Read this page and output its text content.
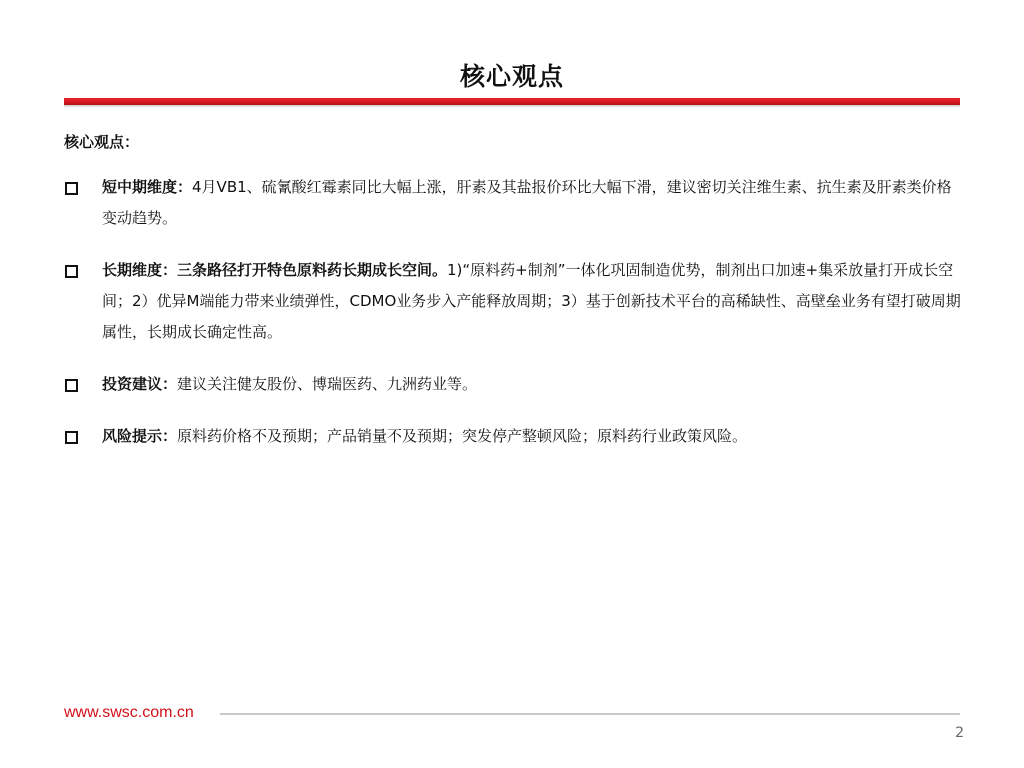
核心观点
核心观点：
短中期维度：4月VB1、硫氰酸红霉素同比大幅上涨，肝素及其盐报价环比大幅下滑，建议密切关注维生素、抗生素及肝素类价格变动趋势。
长期维度：三条路径打开特色原料药长期成长空间。1)“原料药+制剂”一体化巩固制造优势，制剂出口加速+集采放量打开成长空间；2）优异M端能力带来业绩弹性，CDMO业务步入产能释放周期；3）基于创新技术平台的高稀缺性、高壁垒业务有望打破周期属性，长期成长确定性高。
投资建议：建议关注健友股份、博瑞医药、九洲药业等。
风险提示：原料药价格不及预期；产品销量不及预期；突发停产整顿风险；原料药行业政策风险。
www.swsc.com.cn
2
